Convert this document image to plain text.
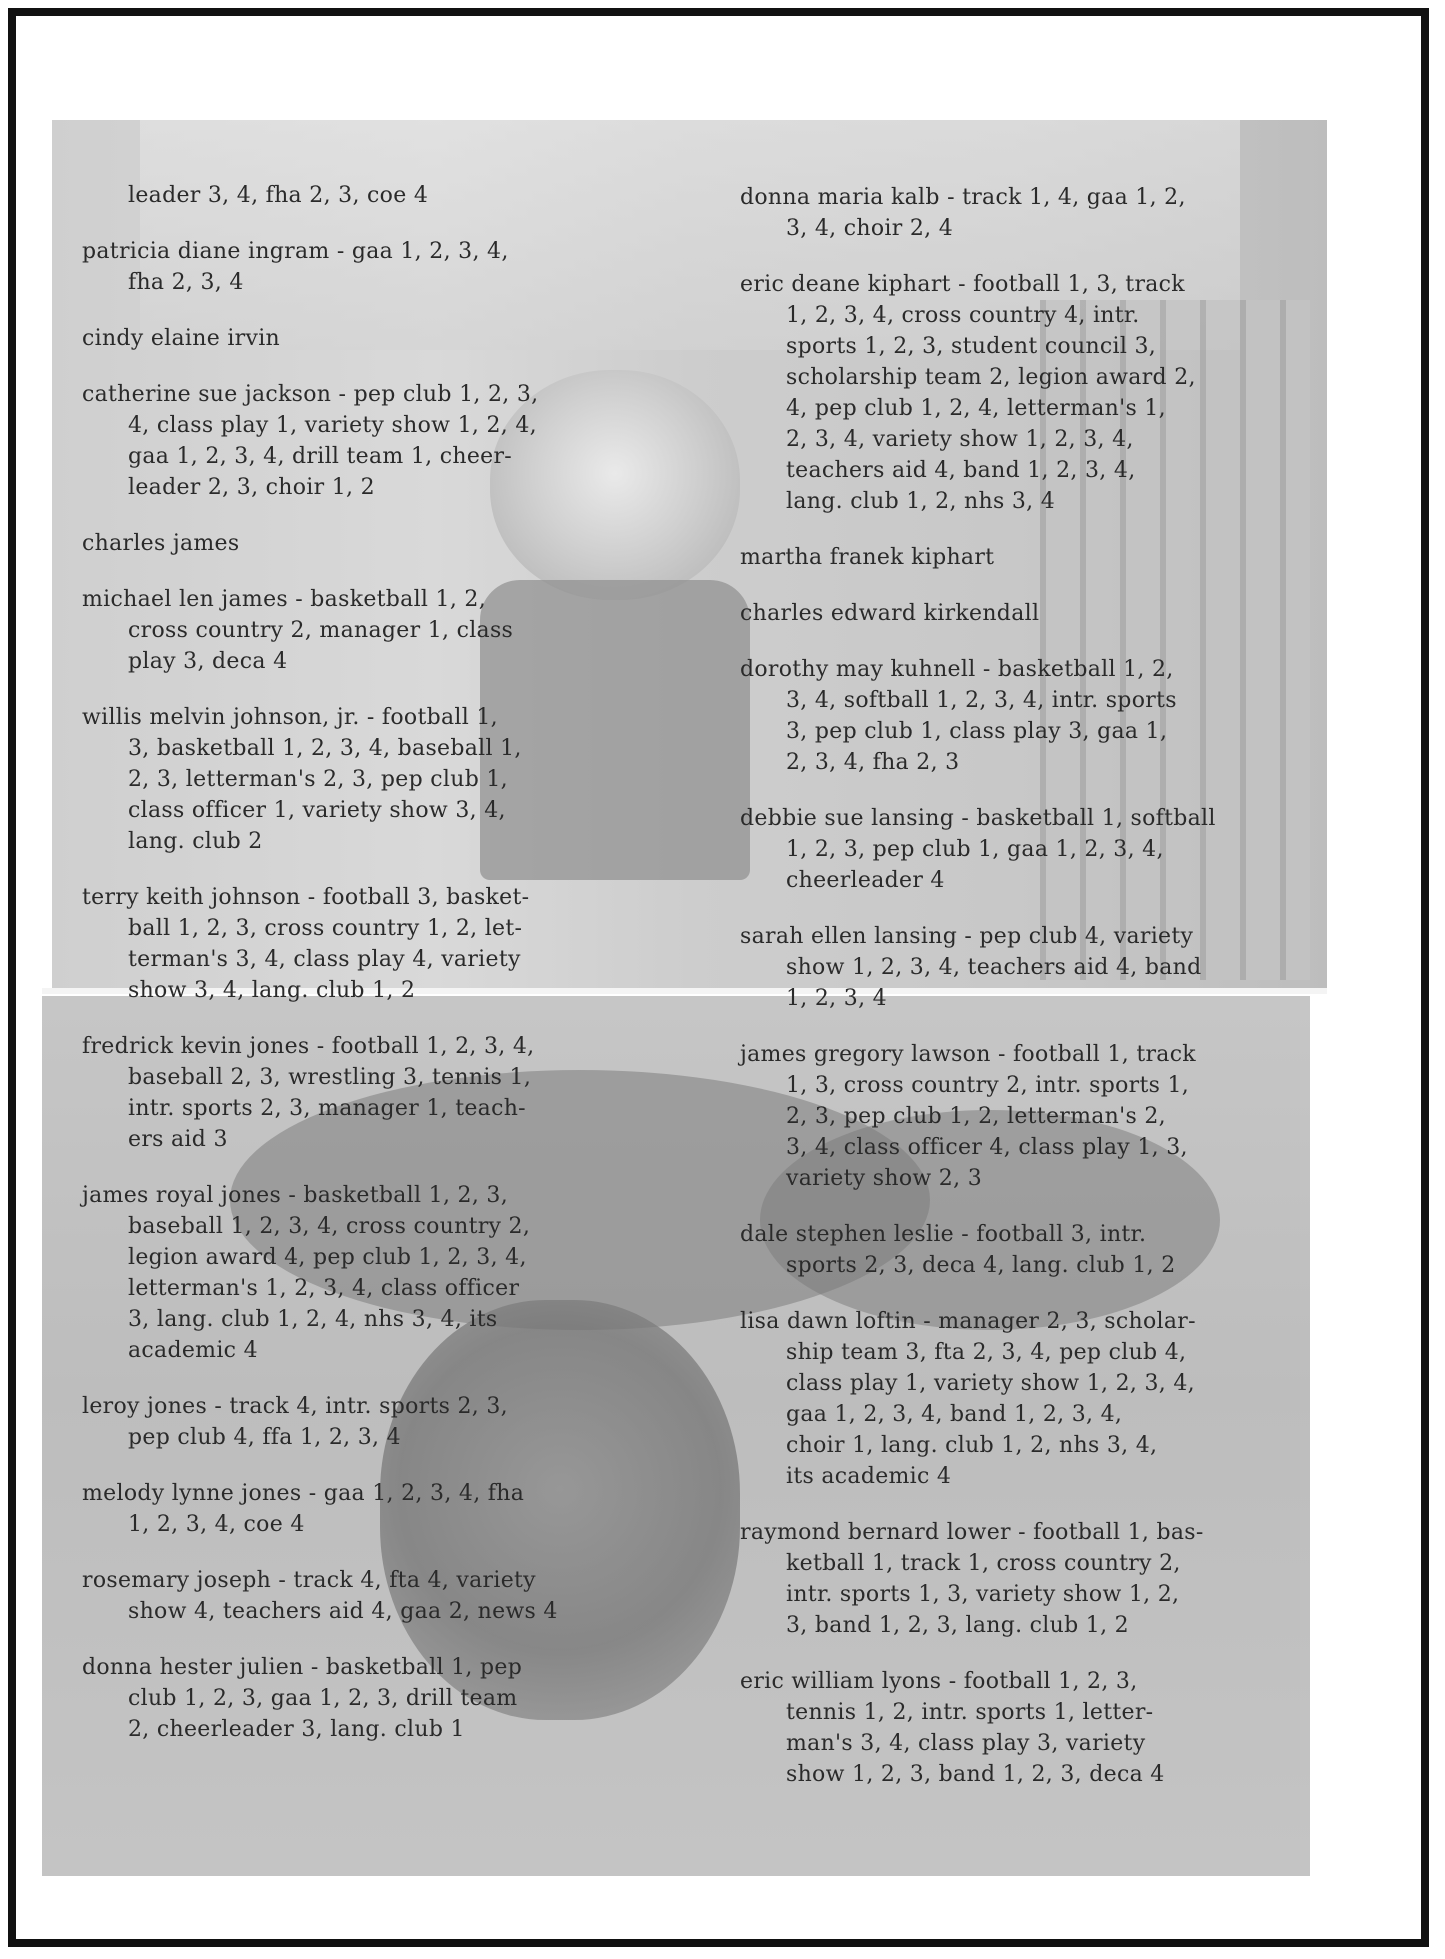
leader 3, 4, fha 2, 3, coe 4
patricia diane ingram - gaa 1, 2, 3, 4,
fha 2, 3, 4
cindy elaine irvin
catherine sue jackson - pep club 1, 2, 3,
4, class play 1, variety show 1, 2, 4,
gaa 1, 2, 3, 4, drill team 1, cheer-
leader 2, 3, choir 1, 2
charles james
michael len james - basketball 1, 2,
cross country 2, manager 1, class
play 3, deca 4
willis melvin johnson, jr. - football 1,
3, basketball 1, 2, 3, 4, baseball 1,
2, 3, letterman's 2, 3, pep club 1,
class officer 1, variety show 3, 4,
lang. club 2
terry keith johnson - football 3, basket-
ball 1, 2, 3, cross country 1, 2, let-
terman's 3, 4, class play 4, variety
show 3, 4, lang. club 1, 2
fredrick kevin jones - football 1, 2, 3, 4,
baseball 2, 3, wrestling 3, tennis 1,
intr. sports 2, 3, manager 1, teach-
ers aid 3
james royal jones - basketball 1, 2, 3,
baseball 1, 2, 3, 4, cross country 2,
legion award 4, pep club 1, 2, 3, 4,
letterman's 1, 2, 3, 4, class officer
3, lang. club 1, 2, 4, nhs 3, 4, its
academic 4
leroy jones - track 4, intr. sports 2, 3,
pep club 4, ffa 1, 2, 3, 4
melody lynne jones - gaa 1, 2, 3, 4, fha
1, 2, 3, 4, coe 4
rosemary joseph - track 4, fta 4, variety
show 4, teachers aid 4, gaa 2, news 4
donna hester julien - basketball 1, pep
club 1, 2, 3, gaa 1, 2, 3, drill team
2, cheerleader 3, lang. club 1
donna maria kalb - track 1, 4, gaa 1, 2,
3, 4, choir 2, 4
eric deane kiphart - football 1, 3, track
1, 2, 3, 4, cross country 4, intr.
sports 1, 2, 3, student council 3,
scholarship team 2, legion award 2,
4, pep club 1, 2, 4, letterman's 1,
2, 3, 4, variety show 1, 2, 3, 4,
teachers aid 4, band 1, 2, 3, 4,
lang. club 1, 2, nhs 3, 4
martha franek kiphart
charles edward kirkendall
dorothy may kuhnell - basketball 1, 2,
3, 4, softball 1, 2, 3, 4, intr. sports
3, pep club 1, class play 3, gaa 1,
2, 3, 4, fha 2, 3
debbie sue lansing - basketball 1, softball
1, 2, 3, pep club 1, gaa 1, 2, 3, 4,
cheerleader 4
sarah ellen lansing - pep club 4, variety
show 1, 2, 3, 4, teachers aid 4, band
1, 2, 3, 4
james gregory lawson - football 1, track
1, 3, cross country 2, intr. sports 1,
2, 3, pep club 1, 2, letterman's 2,
3, 4, class officer 4, class play 1, 3,
variety show 2, 3
dale stephen leslie - football 3, intr.
sports 2, 3, deca 4, lang. club 1, 2
lisa dawn loftin - manager 2, 3, scholar-
ship team 3, fta 2, 3, 4, pep club 4,
class play 1, variety show 1, 2, 3, 4,
gaa 1, 2, 3, 4, band 1, 2, 3, 4,
choir 1, lang. club 1, 2, nhs 3, 4,
its academic 4
raymond bernard lower - football 1, bas-
ketball 1, track 1, cross country 2,
intr. sports 1, 3, variety show 1, 2,
3, band 1, 2, 3, lang. club 1, 2
eric william lyons - football 1, 2, 3,
tennis 1, 2, intr. sports 1, letter-
man's 3, 4, class play 3, variety
show 1, 2, 3, band 1, 2, 3, deca 4
